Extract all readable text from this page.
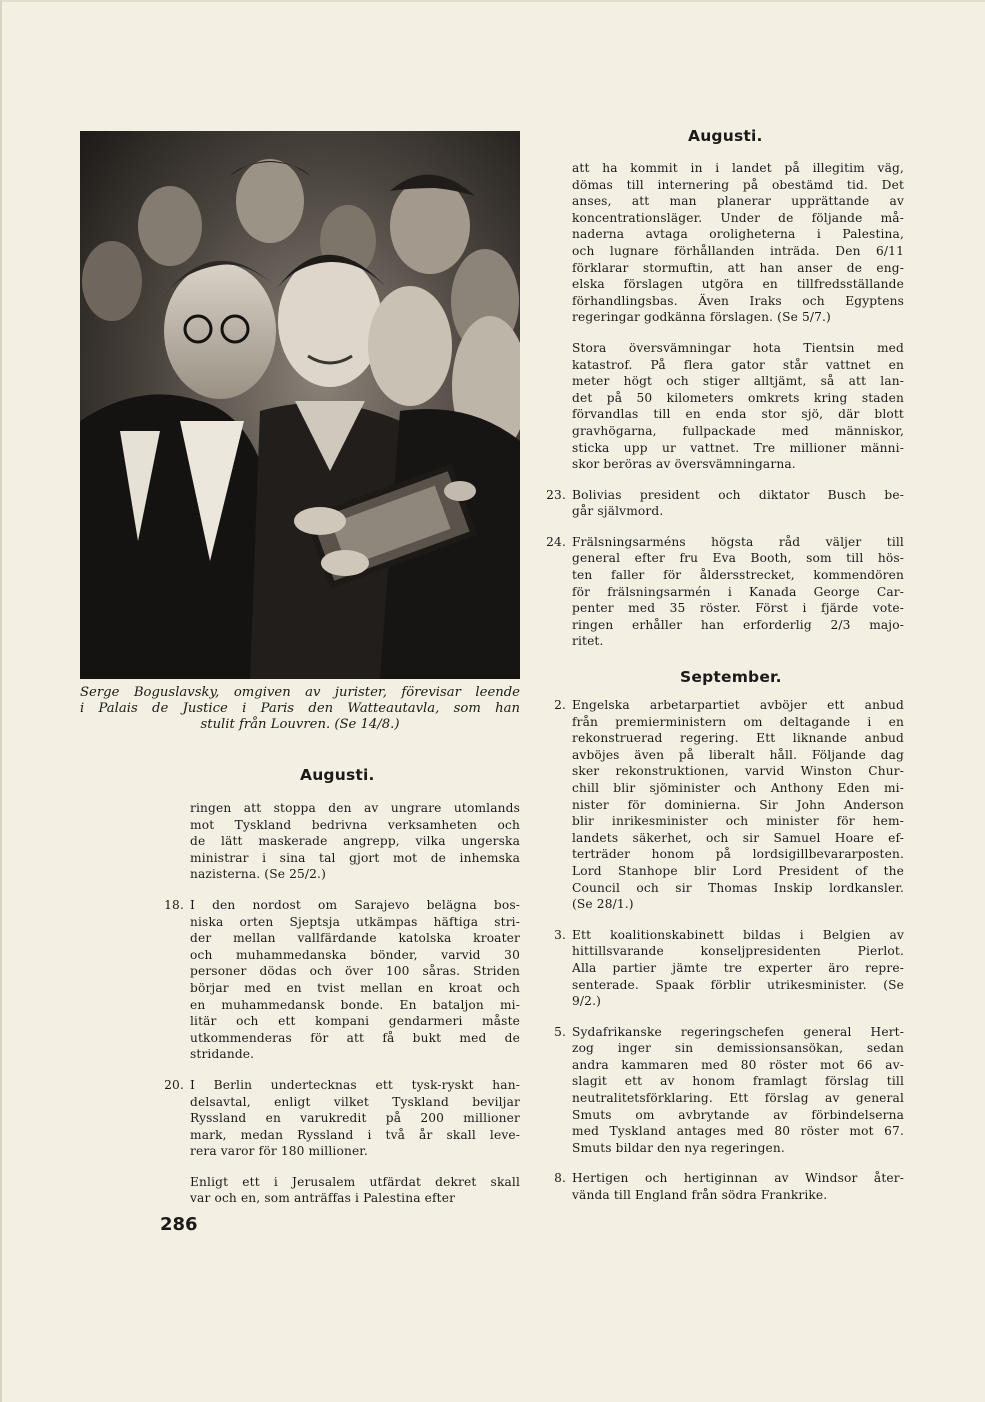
Serge Boguslavsky, omgiven av jurister, förevisar leende
i Palais de Justice i Paris den Watteautavla, som han
stulit från Louvren. (Se 14/8.)
Augusti.
ringen att stoppa den av ungrare utomlands
mot Tyskland bedrivna verksamheten och
de lätt maskerade angrepp, vilka ungerska
ministrar i sina tal gjort mot de inhemska
nazisterna. (Se 25/2.)
18. I den nordost om Sarajevo belägna bos-
niska orten Sjeptsja utkämpas häftiga stri-
der mellan vallfärdande katolska kroater
och muhammedanska bönder, varvid 30
personer dödas och över 100 såras. Striden
börjar med en tvist mellan en kroat och
en muhammedansk bonde. En bataljon mi-
litär och ett kompani gendarmeri måste
utkommenderas för att få bukt med de
stridande.
20. I Berlin undertecknas ett tysk-ryskt han-
delsavtal, enligt vilket Tyskland beviljar
Ryssland en varukredit på 200 millioner
mark, medan Ryssland i två år skall leve-
rera varor för 180 millioner.
Enligt ett i Jerusalem utfärdat dekret skall
var och en, som anträffas i Palestina efter
Augusti.
att ha kommit in i landet på illegitim väg,
dömas till internering på obestämd tid. Det
anses, att man planerar upprättande av
koncentrationsläger. Under de följande må-
naderna avtaga oroligheterna i Palestina,
och lugnare förhållanden inträda. Den 6/11
förklarar stormuftin, att han anser de eng-
elska förslagen utgöra en tillfredsställande
förhandlingsbas. Även Iraks och Egyptens
regeringar godkänna förslagen. (Se 5/7.)
Stora översvämningar hota Tientsin med
katastrof. På flera gator står vattnet en
meter högt och stiger alltjämt, så att lan-
det på 50 kilometers omkrets kring staden
förvandlas till en enda stor sjö, där blott
gravhögarna, fullpackade med människor,
sticka upp ur vattnet. Tre millioner männi-
skor beröras av översvämningarna.
23. Bolivias president och diktator Busch be-
går självmord.
24. Frälsningsarméns högsta råd väljer till
general efter fru Eva Booth, som till hös-
ten faller för åldersstrecket, kommendören
för frälsningsarmén i Kanada George Car-
penter med 35 röster. Först i fjärde vote-
ringen erhåller han erforderlig 2/3 majo-
ritet.
September.
2. Engelska arbetarpartiet avböjer ett anbud
från premierministern om deltagande i en
rekonstruerad regering. Ett liknande anbud
avböjes även på liberalt håll. Följande dag
sker rekonstruktionen, varvid Winston Chur-
chill blir sjöminister och Anthony Eden mi-
nister för dominierna. Sir John Anderson
blir inrikesminister och minister för hem-
landets säkerhet, och sir Samuel Hoare ef-
terträder honom på lordsigillbevararposten.
Lord Stanhope blir Lord President of the
Council och sir Thomas Inskip lordkansler.
(Se 28/1.)
3. Ett koalitionskabinett bildas i Belgien av
hittillsvarande konseljpresidenten Pierlot.
Alla partier jämte tre experter äro repre-
senterade. Spaak förblir utrikesminister. (Se
9/2.)
5. Sydafrikanske regeringschefen general Hert-
zog inger sin demissionsansökan, sedan
andra kammaren med 80 röster mot 66 av-
slagit ett av honom framlagt förslag till
neutralitetsförklaring. Ett förslag av general
Smuts om avbrytande av förbindelserna
med Tyskland antages med 80 röster mot 67.
Smuts bildar den nya regeringen.
8. Hertigen och hertiginnan av Windsor åter-
vända till England från södra Frankrike.
286
